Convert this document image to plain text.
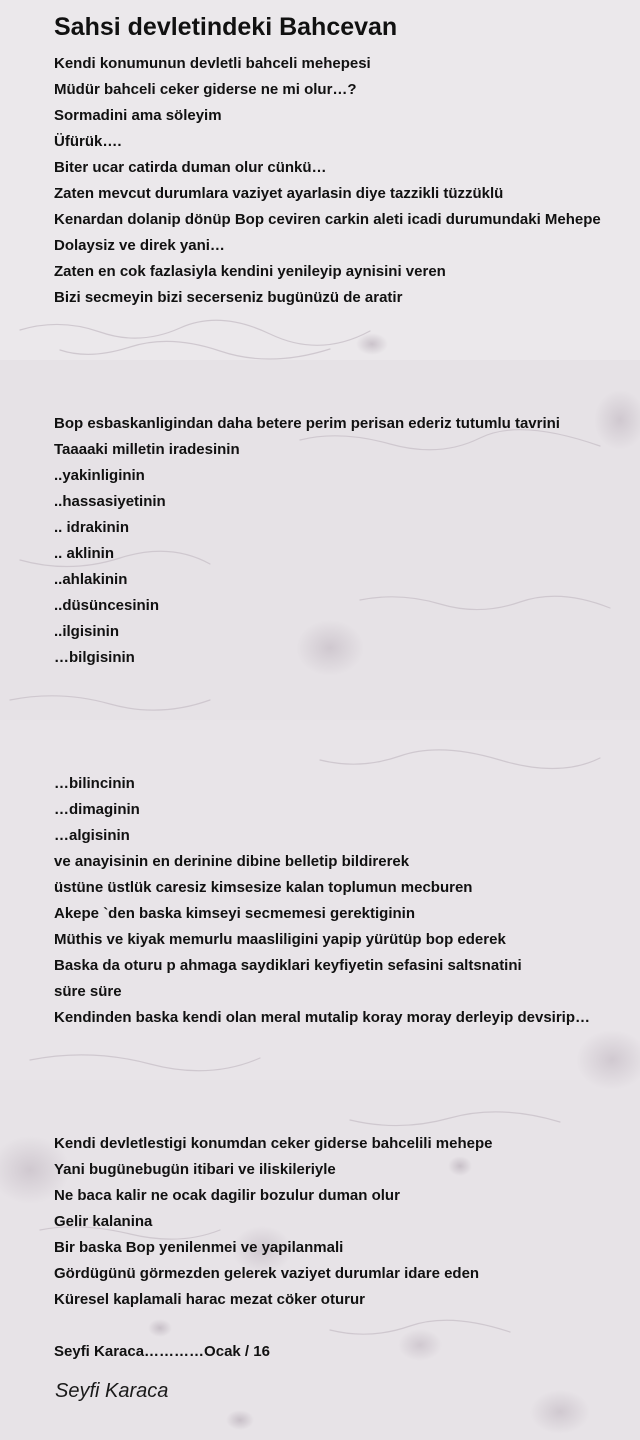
Sahsi devletindeki Bahcevan
Kendi konumunun devletli bahceli mehepesi
Müdür bahceli ceker giderse ne mi olur…?
Sormadini ama söleyim
Üfürük….
Biter ucar catirda duman olur cünkü…
Zaten mevcut durumlara vaziyet ayarlasin diye tazzikli tüzzüklü
Kenardan dolanip dönüp Bop ceviren carkin aleti icadi durumundaki Mehepe
Dolaysiz ve direk yani…
Zaten en cok fazlasiyla kendini yenileyip aynisini veren
Bizi secmeyin bizi secerseniz bugünüzü de aratir
Bop esbaskanligindan daha betere perim perisan ederiz tutumlu tavrini
Taaaaki milletin iradesinin
..yakinliginin
..hassasiyetinin
.. idrakinin
.. aklinin
..ahlakinin
..düsüncesinin
..ilgisinin
…bilgisinin
…bilincinin
…dimaginin
…algisinin
ve anayisinin en derinine dibine belletip bildirerek
üstüne üstlük caresiz kimsesize kalan toplumun mecburen
Akepe `den baska kimseyi secmemesi gerektiginin
Müthis ve kiyak memurlu maasliligini yapip yürütüp bop ederek
Baska da oturu p ahmaga saydiklari keyfiyetin sefasini saltsnatini
süre süre
Kendinden baska kendi olan meral mutalip koray moray derleyip devsirip…
Kendi devletlestigi konumdan ceker giderse bahcelili mehepe
Yani bugünebugün itibari ve iliskileriyle
Ne baca kalir ne ocak dagilir bozulur duman olur
Gelir kalanina
Bir baska Bop yenilenmei ve yapilanmali
Gördügünü görmezden gelerek vaziyet durumlar idare eden
Küresel kaplamali harac mezat cöker oturur
Seyfi Karaca…………Ocak / 16
Seyfi Karaca
